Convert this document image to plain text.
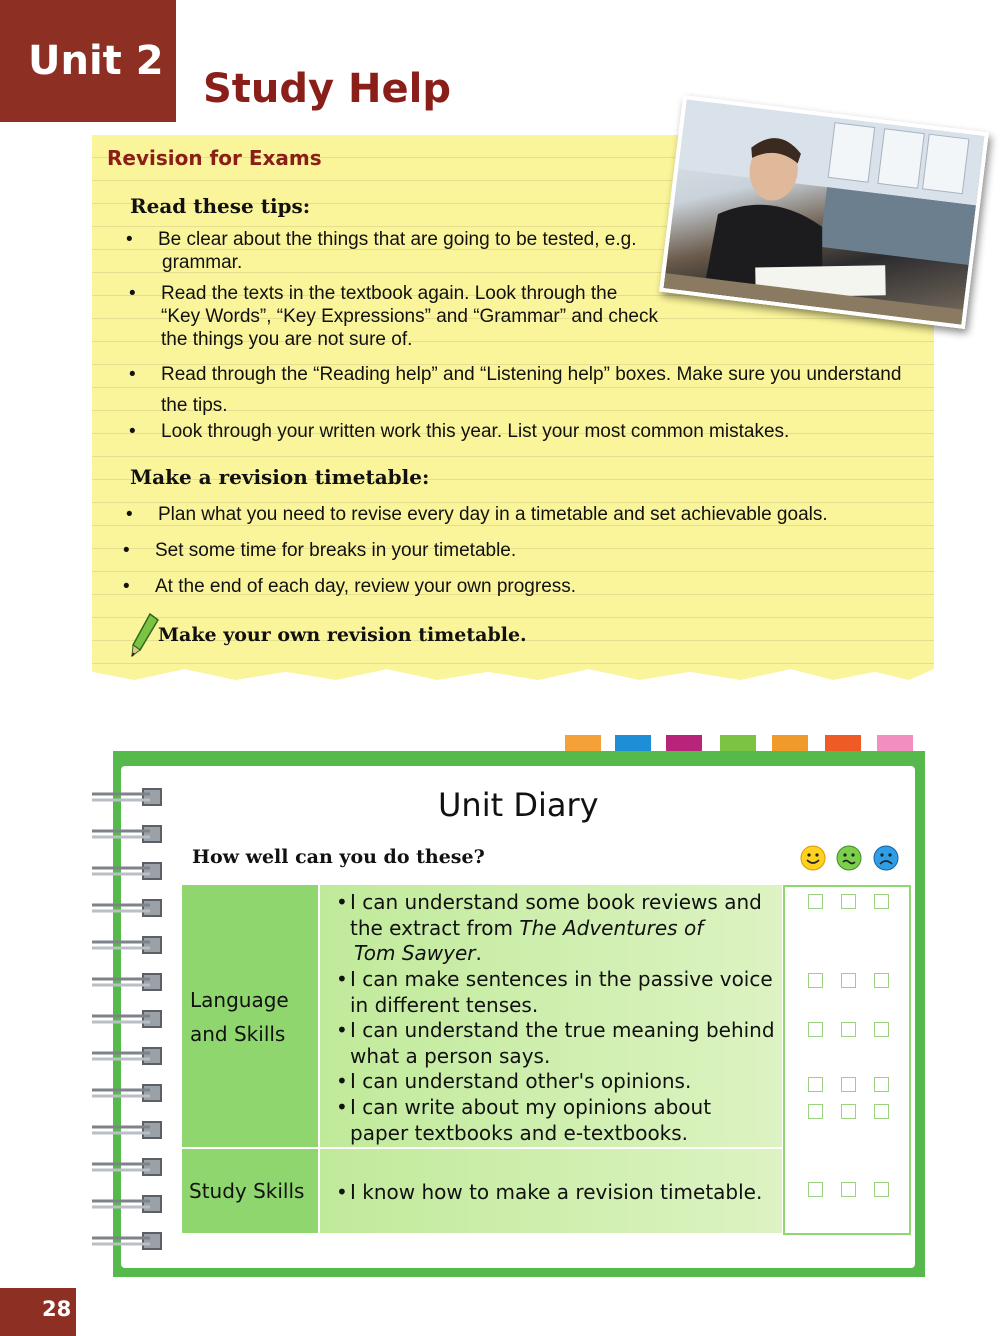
Unit 2
Study Help
Revision for Exams
Read these tips:
• Be clear about the things that are going to be tested, e.g.
grammar.
• Read the texts in the textbook again. Look through the
“Key Words”, “Key Expressions” and “Grammar” and check
the things you are not sure of.
• Read through the “Reading help” and “Listening help” boxes. Make sure you understand
the tips.
• Look through your written work this year. List your most common mistakes.
Make a revision timetable:
• Plan what you need to revise every day in a timetable and set achievable goals.
• Set some time for breaks in your timetable.
• At the end of each day, review your own progress.
Make your own revision timetable.
Unit Diary
How well can you do these?
Language
and Skills
Study Skills
• I can understand some book reviews and
the extract from The Adventures of
Tom Sawyer.
• I can make sentences in the passive voice
in different tenses.
• I can understand the true meaning behind
what a person says.
• I can understand other's opinions.
• I can write about my opinions about
paper textbooks and e-textbooks.
• I know how to make a revision timetable.
28
